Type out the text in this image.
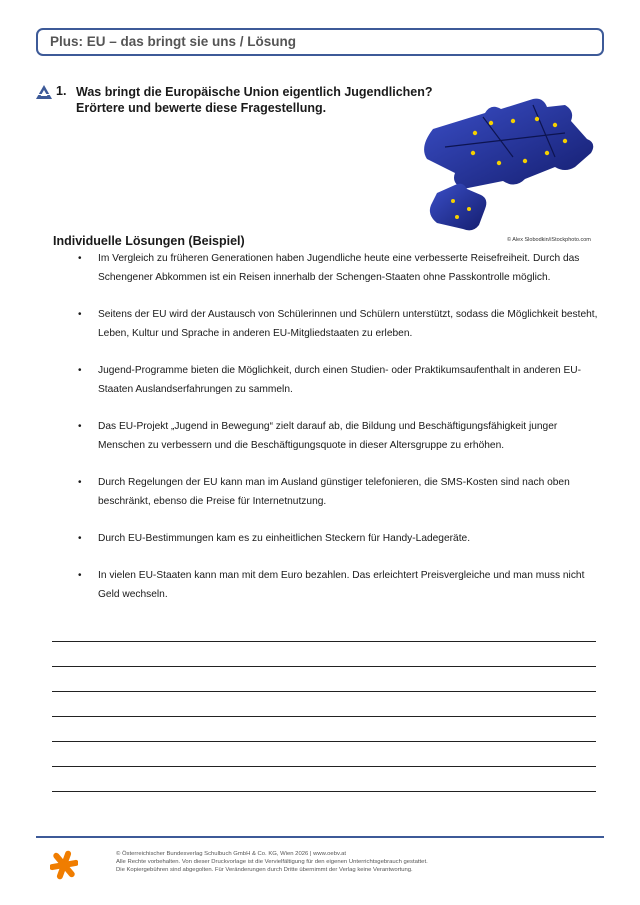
Plus: EU – das bringt sie uns / Lösung
1. Was bringt die Europäische Union eigentlich Jugendlichen?
Erörtere und bewerte diese Fragestellung.
© Alex Slobodkin/iStockphoto.com
Individuelle Lösungen (Beispiel)
• Im Vergleich zu früheren Generationen haben Jugendliche heute eine verbesserte Reisefreiheit. Durch das Schengener Abkommen ist ein Reisen innerhalb der Schengen-Staaten ohne Passkontrolle möglich.
• Seitens der EU wird der Austausch von Schülerinnen und Schülern unterstützt, sodass die Möglichkeit besteht, Leben, Kultur und Sprache in anderen EU-Mitgliedstaaten zu erleben.
• Jugend-Programme bieten die Möglichkeit, durch einen Studien- oder Praktikumsaufenthalt in anderen EU-Staaten Auslandserfahrungen zu sammeln.
• Das EU-Projekt „Jugend in Bewegung“ zielt darauf ab, die Bildung und Beschäftigungsfähigkeit junger Menschen zu verbessern und die Beschäftigungsquote in dieser Altersgruppe zu erhöhen.
• Durch Regelungen der EU kann man im Ausland günstiger telefonieren, die SMS-Kosten sind nach oben beschränkt, ebenso die Preise für Internetnutzung.
• Durch EU-Bestimmungen kam es zu einheitlichen Steckern für Handy-Ladegeräte.
• In vielen EU-Staaten kann man mit dem Euro bezahlen. Das erleichtert Preisvergleiche und man muss nicht Geld wechseln.
© Österreichischer Bundesverlag Schulbuch GmbH & Co. KG, Wien 2026 | www.oebv.at
Alle Rechte vorbehalten. Von dieser Druckvorlage ist die Vervielfältigung für den eigenen Unterrichtsgebrauch gestattet.
Die Kopiergebühren sind abgegolten. Für Veränderungen durch Dritte übernimmt der Verlag keine Verantwortung.
